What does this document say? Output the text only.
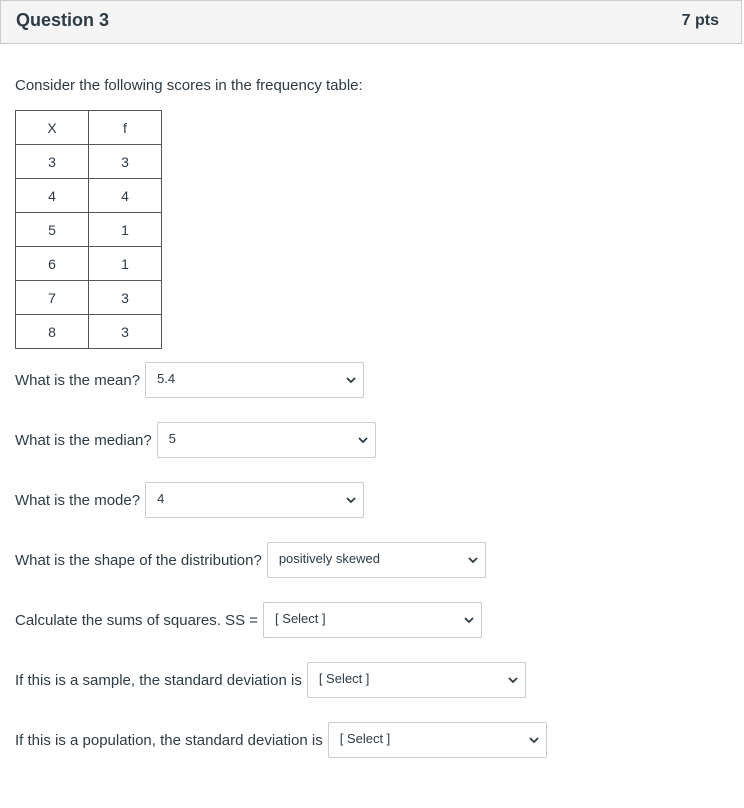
Question 3	7 pts
Consider the following scores in the frequency table:
X	f
3	3
4	4
5	1
6	1
7	3
8	3
What is the mean? 5.4
What is the median? 5
What is the mode? 4
What is the shape of the distribution? positively skewed
Calculate the sums of squares. SS = [ Select ]
If this is a sample, the standard deviation is [ Select ]
If this is a population, the standard deviation is [ Select ]
